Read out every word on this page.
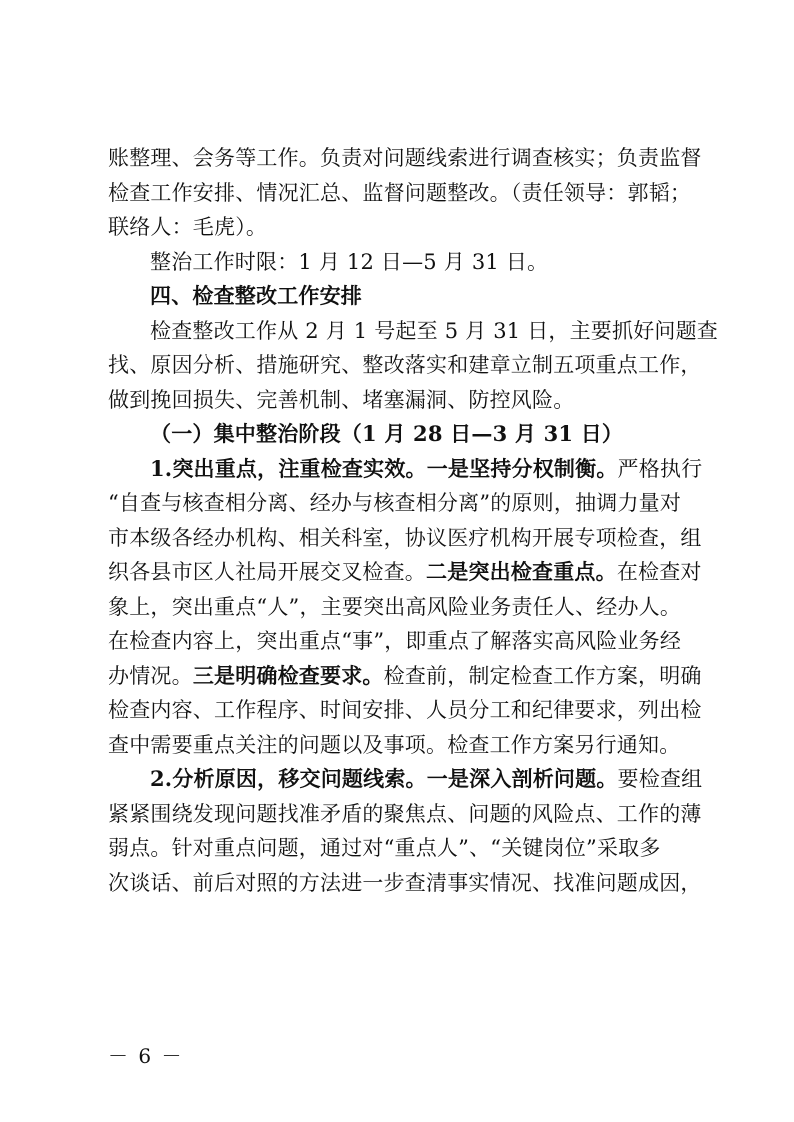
账整理、会务等工作。负责对问题线索进行调查核实；负责监督
检查工作安排、情况汇总、监督问题整改。（责任领导：郭韬；
联络人：毛虎）。
整治工作时限：1 月 12 日—5 月 31 日。
四、检查整改工作安排
检查整改工作从 2 月 1 号起至 5 月 31 日，主要抓好问题查
找、原因分析、措施研究、整改落实和建章立制五项重点工作，
做到挽回损失、完善机制、堵塞漏洞、防控风险。
（一）集中整治阶段（1 月 28 日—3 月 31 日）
1.突出重点，注重检查实效。一是坚持分权制衡。严格执行
“自查与核查相分离、经办与核查相分离”的原则，抽调力量对
市本级各经办机构、相关科室，协议医疗机构开展专项检查，组
织各县市区人社局开展交叉检查。二是突出检查重点。在检查对
象上，突出重点“人”，主要突出高风险业务责任人、经办人。
在检查内容上，突出重点“事”，即重点了解落实高风险业务经
办情况。三是明确检查要求。检查前，制定检查工作方案，明确
检查内容、工作程序、时间安排、人员分工和纪律要求，列出检
查中需要重点关注的问题以及事项。检查工作方案另行通知。
2.分析原因，移交问题线索。一是深入剖析问题。要检查组
紧紧围绕发现问题找准矛盾的聚焦点、问题的风险点、工作的薄
弱点。针对重点问题，通过对“重点人”、“关键岗位”采取多
次谈话、前后对照的方法进一步查清事实情况、找准问题成因，
－ 6 －
